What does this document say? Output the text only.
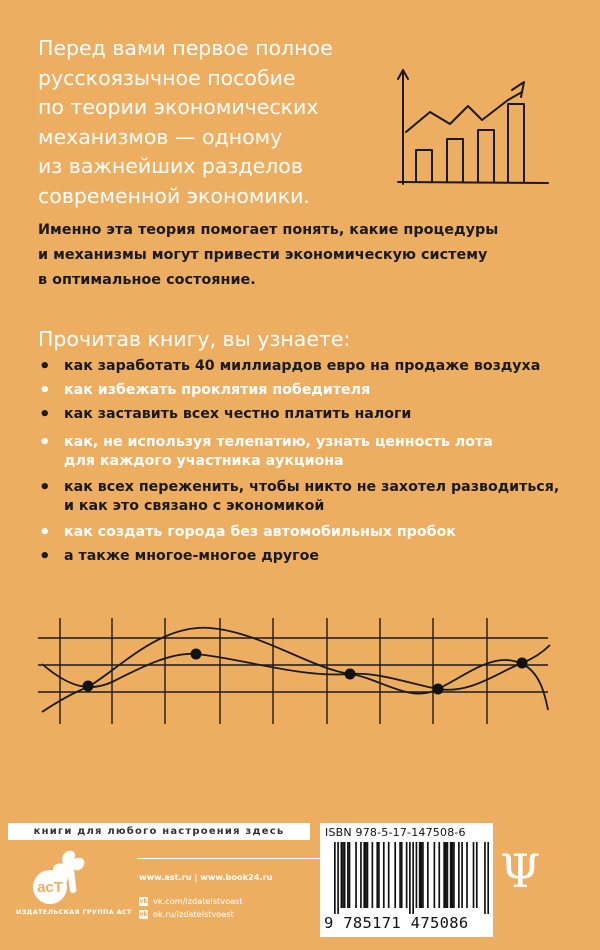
Перед вами первое полное
русскоязычное пособие
по теории экономических
механизмов — одному
из важнейших разделов
современной экономики.
Именно эта теория помогает понять, какие процедуры
и механизмы могут привести экономическую систему
в оптимальное состояние.
Прочитав книгу, вы узнаете:
• как заработать 40 миллиардов евро на продаже воздуха
• как избежать проклятия победителя
• как заставить всех честно платить налоги
• как, не используя телепатию, узнать ценность лота
для каждого участника аукциона
• как всех переженить, чтобы никто не захотел разводиться,
и как это связано с экономикой
• как создать города без автомобильных пробок
• а также многое-многое другое
книги для любого настроения здесь
acT
ИЗДАТЕЛЬСКАЯ ГРУППА АСТ
www.ast.ru | www.book24.ru
vk vk.com/izdatelstvoast
ok ok.ru/izdatelstvoast
ISBN 978-5-17-147508-6
9 785171 475086
Ψ
